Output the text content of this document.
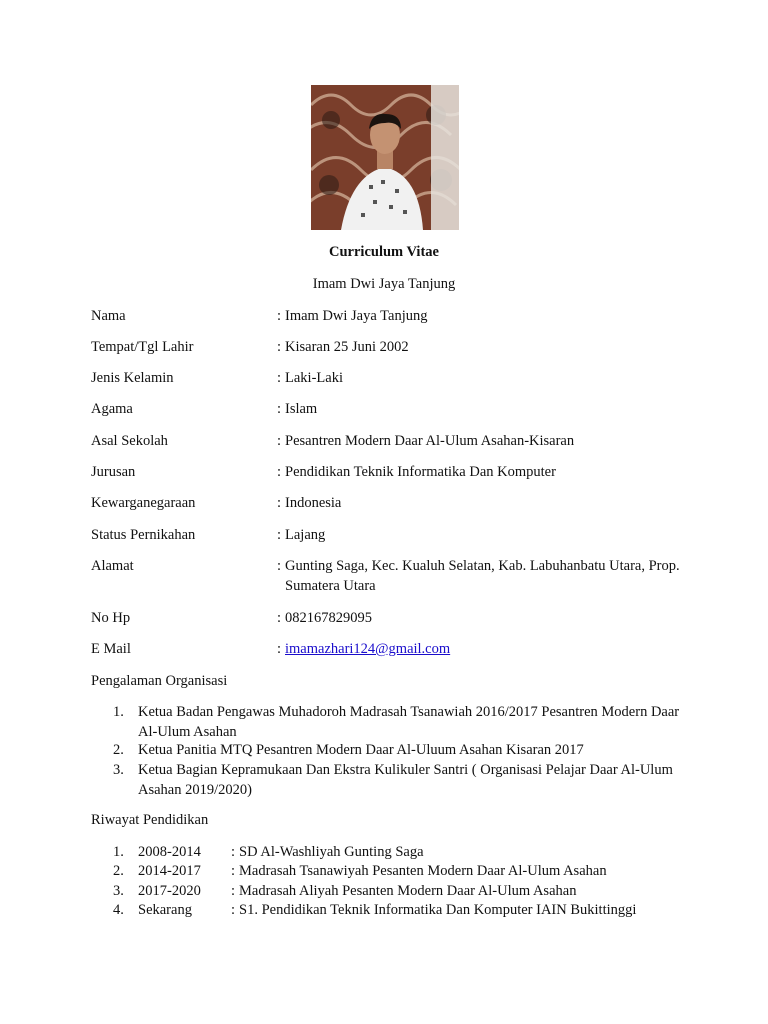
Curriculum Vitae
Imam Dwi Jaya Tanjung
Nama	: Imam Dwi Jaya Tanjung
Tempat/Tgl Lahir	: Kisaran 25 Juni 2002
Jenis Kelamin	: Laki-Laki
Agama	: Islam
Asal Sekolah	: Pesantren Modern Daar Al-Ulum Asahan-Kisaran
Jurusan	: Pendidikan Teknik Informatika Dan Komputer
Kewarganegaraan	: Indonesia
Status Pernikahan	: Lajang
Alamat	: Gunting Saga, Kec. Kualuh Selatan, Kab. Labuhanbatu Utara, Prop. Sumatera Utara
No Hp	: 082167829095
E Mail	: imamazhari124@gmail.com
Pengalaman Organisasi
1. Ketua Badan Pengawas Muhadoroh Madrasah Tsanawiah 2016/2017 Pesantren Modern Daar Al-Ulum Asahan
2. Ketua Panitia MTQ Pesantren Modern Daar Al-Uluum Asahan Kisaran 2017
3. Ketua Bagian Kepramukaan Dan Ekstra Kulikuler Santri ( Organisasi Pelajar Daar Al-Ulum Asahan 2019/2020)
Riwayat Pendidikan
1. 2008-2014 : SD Al-Washliyah Gunting Saga
2. 2014-2017 : Madrasah Tsanawiyah Pesanten Modern Daar Al-Ulum Asahan
3. 2017-2020 : Madrasah Aliyah Pesanten Modern Daar Al-Ulum Asahan
4. Sekarang	: S1. Pendidikan Teknik Informatika Dan Komputer IAIN Bukittinggi
